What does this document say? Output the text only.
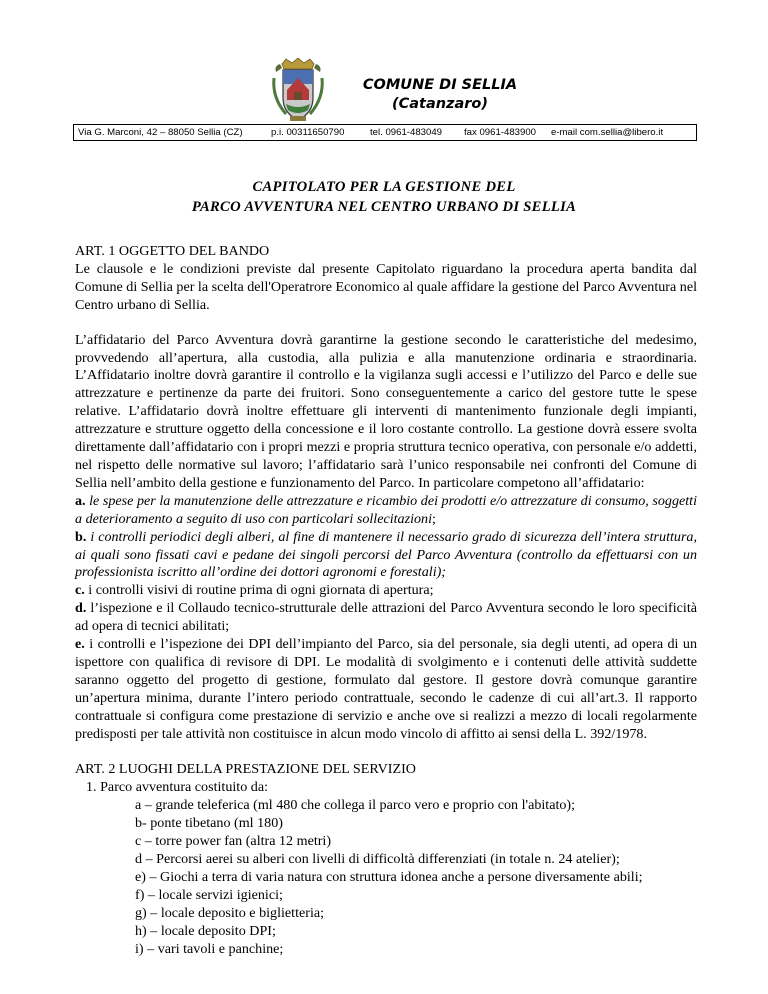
COMUNE DI SELLIA
(Catanzaro)
Via G. Marconi, 42 – 88050 Sellia (CZ)	p.i. 00311650790	tel. 0961-483049 fax 0961-483900 e-mail com.sellia@libero.it
CAPITOLATO PER LA GESTIONE DEL
PARCO AVVENTURA NEL CENTRO URBANO DI SELLIA

ART. 1 OGGETTO DEL BANDO

Le clausole e le condizioni previste dal presente Capitolato riguardano la procedura aperta bandita dal Comune di Sellia per la scelta dell'Operatrore Economico al quale affidare la gestione del Parco Avventura nel Centro urbano di Sellia.

L’affidatario del Parco Avventura dovrà garantirne la gestione secondo le caratteristiche del medesimo, provvedendo all’apertura, alla custodia, alla pulizia e alla manutenzione ordinaria e straordinaria. L’Affidatario inoltre dovrà garantire il controllo e la vigilanza sugli accessi e l’utilizzo del Parco e delle sue attrezzature e pertinenze da parte dei fruitori. Sono conseguentemente a carico del gestore tutte le spese relative. L’affidatario dovrà inoltre effettuare gli interventi di mantenimento funzionale degli impianti, attrezzature e strutture oggetto della concessione e il loro costante controllo. La gestione dovrà essere svolta direttamente dall’affidatario con i propri mezzi e propria struttura tecnico operativa, con personale e/o addetti, nel rispetto delle normative sul lavoro; l’affidatario sarà l’unico responsabile nei confronti del Comune di Sellia nell’ambito della gestione e funzionamento del Parco. In particolare competono all’affidatario:

a. le spese per la manutenzione delle attrezzature e ricambio dei prodotti e/o attrezzature di consumo, soggetti a deterioramento a seguito di uso con particolari sollecitazioni;

b. i controlli periodici degli alberi, al fine di mantenere il necessario grado di sicurezza dell’intera struttura, ai quali sono fissati cavi e pedane dei singoli percorsi del Parco Avventura (controllo da effettuarsi con un professionista iscritto all’ordine dei dottori agronomi e forestali);

c. i controlli visivi di routine prima di ogni giornata di apertura;

d. l’ispezione e il Collaudo tecnico-strutturale delle attrazioni del Parco Avventura secondo le loro specificità ad opera di tecnici abilitati;

e. i controlli e l’ispezione dei DPI dell’impianto del Parco, sia del personale, sia degli utenti, ad opera di un ispettore con qualifica di revisore di DPI. Le modalità di svolgimento e i contenuti delle attività suddette saranno oggetto del progetto di gestione, formulato dal gestore. Il gestore dovrà comunque garantire un’apertura minima, durante l’intero periodo contrattuale, secondo le cadenze di cui all’art.3. Il rapporto contrattuale si configura come prestazione di servizio e anche ove si realizzi a mezzo di locali regolarmente predisposti per tale attività non costituisce in alcun modo vincolo di affitto ai sensi della L. 392/1978.

ART. 2 LUOGHI DELLA PRESTAZIONE DEL SERVIZIO

1. Parco avventura costituito da:

a – grande teleferica (ml 480 che collega il parco vero e proprio con l'abitato);

b- ponte tibetano (ml 180)

c – torre power fan (altra 12 metri)

d – Percorsi aerei su alberi con livelli di difficoltà differenziati (in totale n. 24 atelier);

e) – Giochi a terra di varia natura con struttura idonea anche a persone diversamente abili;

f) – locale servizi igienici;

g) – locale deposito e biglietteria;

h) – locale deposito DPI;

i) – vari tavoli e panchine;
